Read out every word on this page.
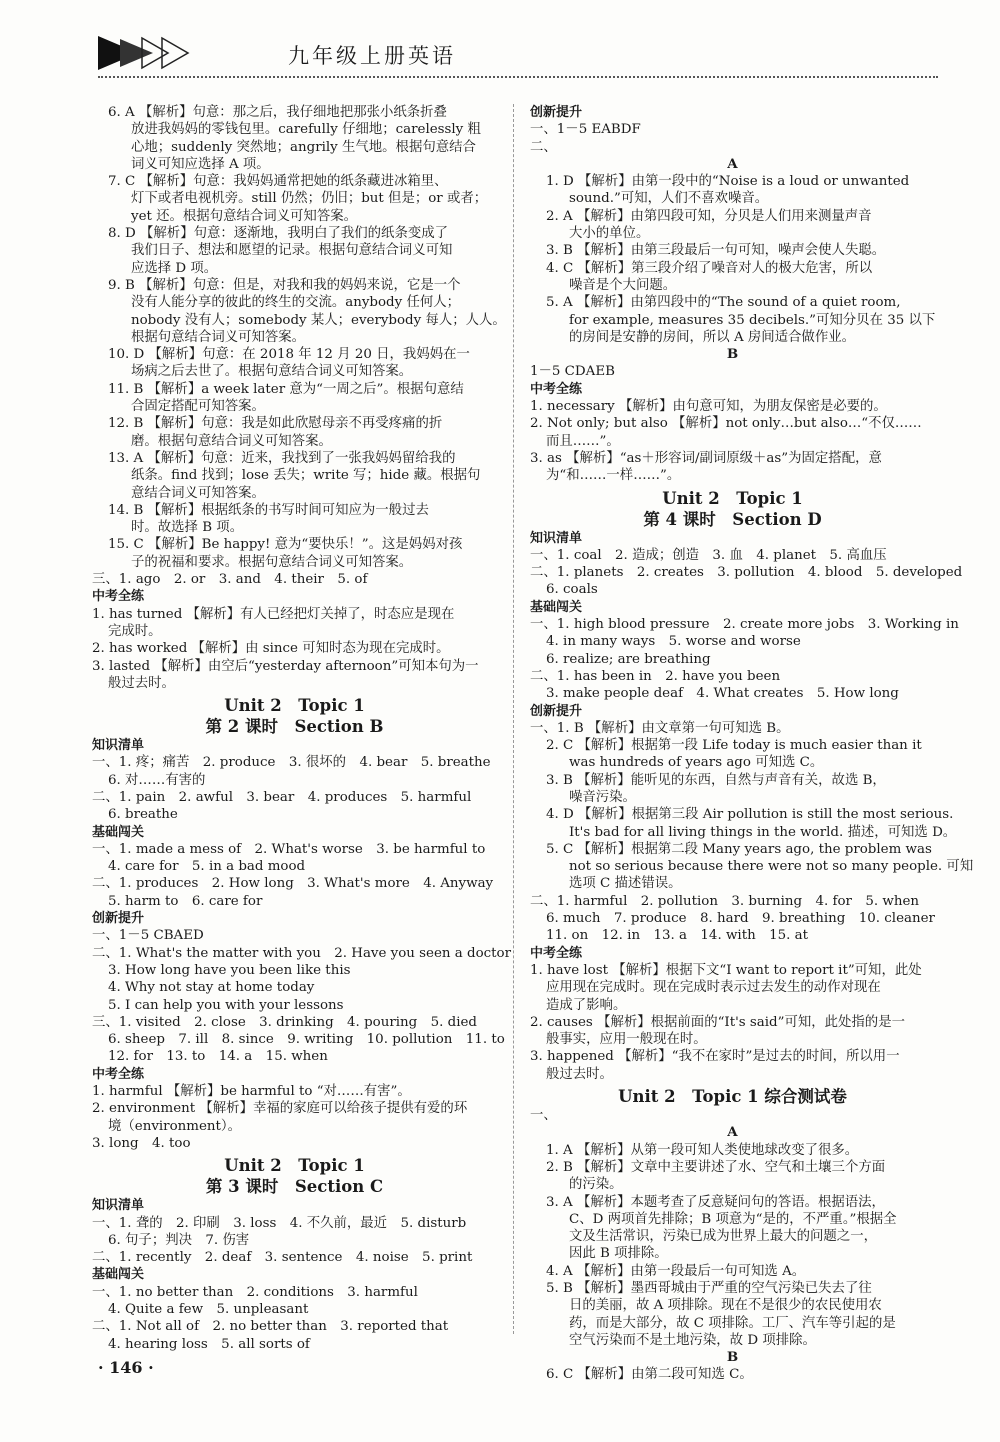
九年级上册英语
6. A 【解析】句意：那之后，我仔细地把那张小纸条折叠
放进我妈妈的零钱包里。carefully 仔细地；carelessly 粗
心地；suddenly 突然地；angrily 生气地。根据句意结合
词义可知应选择 A 项。
7. C 【解析】句意：我妈妈通常把她的纸条藏进冰箱里、
灯下或者电视机旁。still 仍然；仍旧；but 但是；or 或者；
yet 还。根据句意结合词义可知答案。
8. D 【解析】句意：逐渐地，我明白了我们的纸条变成了
我们日子、想法和愿望的记录。根据句意结合词义可知
应选择 D 项。
9. B 【解析】句意：但是，对我和我的妈妈来说，它是一个
没有人能分享的彼此的终生的交流。anybody 任何人；
nobody 没有人；somebody 某人；everybody 每人；人人。
根据句意结合词义可知答案。
10. D 【解析】句意：在 2018 年 12 月 20 日，我妈妈在一
场病之后去世了。根据句意结合词义可知答案。
11. B 【解析】a week later 意为“一周之后”。根据句意结
合固定搭配可知答案。
12. B 【解析】句意：我是如此欣慰母亲不再受疼痛的折
磨。根据句意结合词义可知答案。
13. A 【解析】句意：近来，我找到了一张我妈妈留给我的
纸条。find 找到；lose 丢失；write 写；hide 藏。根据句
意结合词义可知答案。
14. B 【解析】根据纸条的书写时间可知应为一般过去
时。故选择 B 项。
15. C 【解析】Be happy! 意为“要快乐！”。这是妈妈对孩
子的祝福和要求。根据句意结合词义可知答案。
三、1. ago　2. or　3. and　4. their　5. of
中考全练
1. has turned 【解析】有人已经把灯关掉了，时态应是现在
完成时。
2. has worked 【解析】由 since 可知时态为现在完成时。
3. lasted 【解析】由空后“yesterday afternoon”可知本句为一
般过去时。
Unit 2　Topic 1
第 2 课时　Section B
知识清单
一、1. 疼；痛苦　2. produce　3. 很坏的　4. bear　5. breathe
6. 对……有害的
二、1. pain　2. awful　3. bear　4. produces　5. harmful
6. breathe
基础闯关
一、1. made a mess of　2. What's worse　3. be harmful to
4. care for　5. in a bad mood
二、1. produces　2. How long　3. What's more　4. Anyway
5. harm to　6. care for
创新提升
一、1－5 CBAED
二、1. What's the matter with you　2. Have you seen a doctor
3. How long have you been like this
4. Why not stay at home today
5. I can help you with your lessons
三、1. visited　2. close　3. drinking　4. pouring　5. died
6. sheep　7. ill　8. since　9. writing　10. pollution　11. to
12. for　13. to　14. a　15. when
中考全练
1. harmful 【解析】be harmful to “对……有害”。
2. environment 【解析】幸福的家庭可以给孩子提供有爱的环
境（environment）。
3. long　4. too
Unit 2　Topic 1
第 3 课时　Section C
知识清单
一、1. 聋的　2. 印刷　3. loss　4. 不久前，最近　5. disturb
6. 句子；判决　7. 伤害
二、1. recently　2. deaf　3. sentence　4. noise　5. print
基础闯关
一、1. no better than　2. conditions　3. harmful
4. Quite a few　5. unpleasant
二、1. Not all of　2. no better than　3. reported that
4. hearing loss　5. all sorts of
创新提升
一、1－5 EABDF
二、
A
1. D 【解析】由第一段中的“Noise is a loud or unwanted
sound.”可知，人们不喜欢噪音。
2. A 【解析】由第四段可知，分贝是人们用来测量声音
大小的单位。
3. B 【解析】由第三段最后一句可知，噪声会使人失聪。
4. C 【解析】第三段介绍了噪音对人的极大危害，所以
噪音是个大问题。
5. A 【解析】由第四段中的“The sound of a quiet room,
for example, measures 35 decibels.”可知分贝在 35 以下
的房间是安静的房间，所以 A 房间适合做作业。
B
1－5 CDAEB
中考全练
1. necessary 【解析】由句意可知，为朋友保密是必要的。
2. Not only; but also 【解析】not only…but also…“不仅……
而且……”。
3. as 【解析】“as＋形容词/副词原级＋as”为固定搭配，意
为“和……一样……”。
Unit 2　Topic 1
第 4 课时　Section D
知识清单
一、1. coal　2. 造成；创造　3. 血　4. planet　5. 高血压
二、1. planets　2. creates　3. pollution　4. blood　5. developed
6. coals
基础闯关
一、1. high blood pressure　2. create more jobs　3. Working in
4. in many ways　5. worse and worse
6. realize; are breathing
二、1. has been in　2. have you been
3. make people deaf　4. What creates　5. How long
创新提升
一、1. B 【解析】由文章第一句可知选 B。
2. C 【解析】根据第一段 Life today is much easier than it
was hundreds of years ago 可知选 C。
3. B 【解析】能听见的东西，自然与声音有关，故选 B，
噪音污染。
4. D 【解析】根据第三段 Air pollution is still the most serious.
It's bad for all living things in the world. 描述，可知选 D。
5. C 【解析】根据第二段 Many years ago, the problem was
not so serious because there were not so many people. 可知
选项 C 描述错误。
二、1. harmful　2. pollution　3. burning　4. for　5. when
6. much　7. produce　8. hard　9. breathing　10. cleaner
11. on　12. in　13. a　14. with　15. at
中考全练
1. have lost 【解析】根据下文“I want to report it”可知，此处
应用现在完成时。现在完成时表示过去发生的动作对现在
造成了影响。
2. causes 【解析】根据前面的“It's said”可知，此处指的是一
般事实，应用一般现在时。
3. happened 【解析】“我不在家时”是过去的时间，所以用一
般过去时。
Unit 2　Topic 1 综合测试卷
一、
A
1. A 【解析】从第一段可知人类使地球改变了很多。
2. B 【解析】文章中主要讲述了水、空气和土壤三个方面
的污染。
3. A 【解析】本题考查了反意疑问句的答语。根据语法，
C、D 两项首先排除；B 项意为“是的，不严重。”根据全
文及生活常识，污染已成为世界上最大的问题之一，
因此 B 项排除。
4. A 【解析】由第一段最后一句可知选 A。
5. B 【解析】墨西哥城由于严重的空气污染已失去了往
日的美丽，故 A 项排除。现在不是很少的农民使用农
药，而是大部分，故 C 项排除。工厂、汽车等引起的是
空气污染而不是土地污染，故 D 项排除。
B
6. C 【解析】由第二段可知选 C。
· 146 ·
